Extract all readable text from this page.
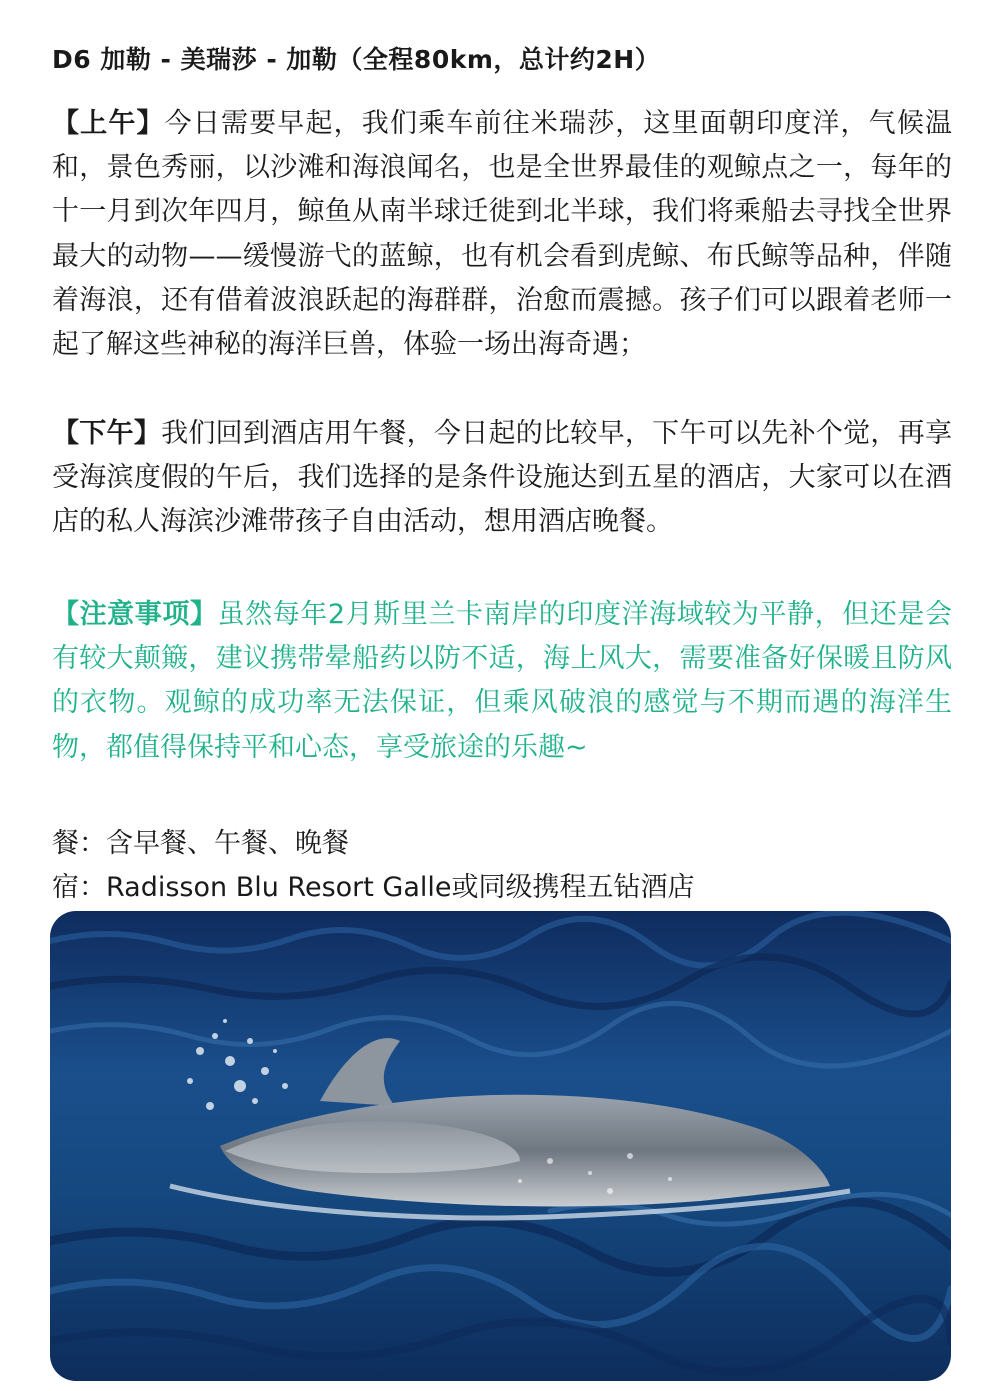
D6 加勒 - 美瑞莎 - 加勒（全程80km，总计约2H）

【上午】今日需要早起，我们乘车前往米瑞莎，这里面朝印度洋，气候温和，景色秀丽，以沙滩和海浪闻名，也是全世界最佳的观鲸点之一，每年的十一月到次年四月，鲸鱼从南半球迁徙到北半球，我们将乘船去寻找全世界最大的动物——缓慢游弋的蓝鲸，也有机会看到虎鲸、布氏鲸等品种，伴随着海浪，还有借着波浪跃起的海群群，治愈而震撼。孩子们可以跟着老师一起了解这些神秘的海洋巨兽，体验一场出海奇遇；

【下午】我们回到酒店用午餐，今日起的比较早，下午可以先补个觉，再享受海滨度假的午后，我们选择的是条件设施达到五星的酒店，大家可以在酒店的私人海滨沙滩带孩子自由活动，想用酒店晚餐。

【注意事项】虽然每年2月斯里兰卡南岸的印度洋海域较为平静，但还是会有较大颠簸，建议携带晕船药以防不适，海上风大，需要准备好保暖且防风的衣物。观鲸的成功率无法保证，但乘风破浪的感觉与不期而遇的海洋生物，都值得保持平和心态，享受旅途的乐趣~

餐：含早餐、午餐、晚餐
宿：Radisson Blu Resort Galle或同级携程五钻酒店
